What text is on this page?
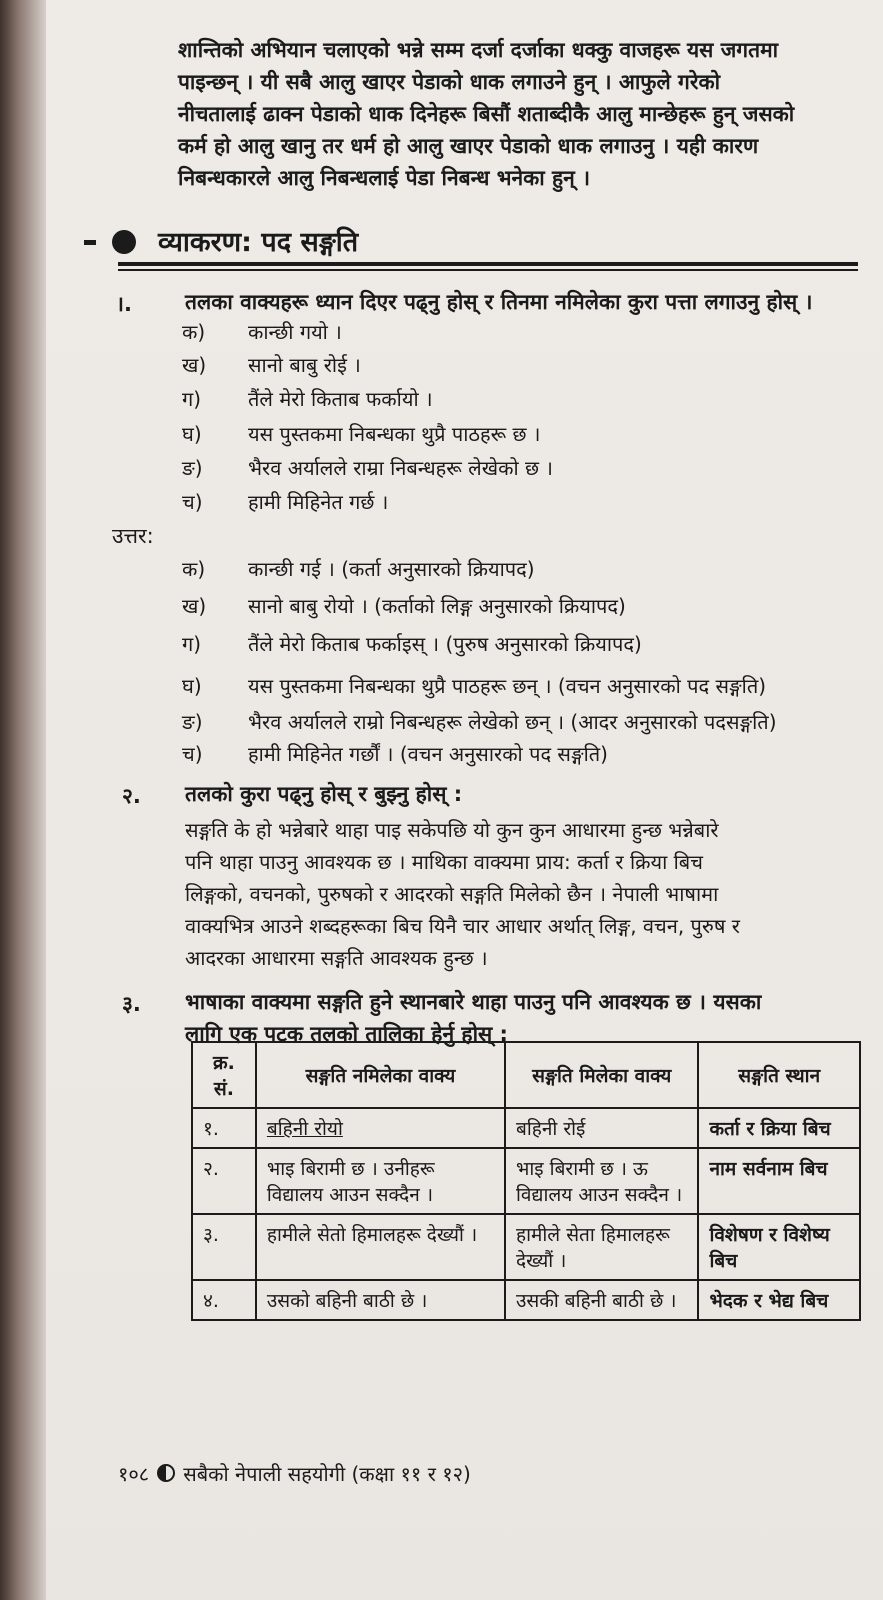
शान्तिको अभियान चलाएको भन्ने सम्म दर्जा दर्जाका धक्कु वाजहरू यस जगतमा
पाइन्छन् । यी सबै आलु खाएर पेडाको धाक लगाउने हुन् । आफुले गरेको
नीचतालाई ढाक्न पेडाको धाक दिनेहरू बिसौं शताब्दीकै आलु मान्छेहरू हुन् जसको
कर्म हो आलु खानु तर धर्म हो आलु खाएर पेडाको धाक लगाउनु । यही कारण
निबन्धकारले आलु निबन्धलाई पेडा निबन्ध भनेका हुन् ।
व्याकरण: पद सङ्गति
।.	तलका वाक्यहरू ध्यान दिएर पढ्नु होस् र तिनमा नमिलेका कुरा पत्ता लगाउनु होस् ।
क) कान्छी गयो ।
ख) सानो बाबु रोई ।
ग) तैंले मेरो किताब फर्कायो ।
घ) यस पुस्तकमा निबन्धका थुप्रै पाठहरू छ ।
ङ) भैरव अर्यालले राम्रा निबन्धहरू लेखेको छ ।
च) हामी मिहिनेत गर्छ ।
उत्तर:
क) कान्छी गई । (कर्ता अनुसारको क्रियापद)
ख) सानो बाबु रोयो । (कर्ताको लिङ्ग अनुसारको क्रियापद)
ग) तैंले मेरो किताब फर्काइस् । (पुरुष अनुसारको क्रियापद)
घ) यस पुस्तकमा निबन्धका थुप्रै पाठहरू छन् । (वचन अनुसारको पद सङ्गति)
ङ) भैरव अर्यालले राम्रो निबन्धहरू लेखेको छन् । (आदर अनुसारको पदसङ्गति)
च) हामी मिहिनेत गर्छौं । (वचन अनुसारको पद सङ्गति)
२. तलको कुरा पढ्नु होस् र बुझ्नु होस् :
सङ्गति के हो भन्नेबारे थाहा पाइ सकेपछि यो कुन कुन आधारमा हुन्छ भन्नेबारे
पनि थाहा पाउनु आवश्यक छ । माथिका वाक्यमा प्राय: कर्ता र क्रिया बिच
लिङ्गको, वचनको, पुरुषको र आदरको सङ्गति मिलेको छैन । नेपाली भाषामा
वाक्यभित्र आउने शब्दहरूका बिच यिनै चार आधार अर्थात् लिङ्ग, वचन, पुरुष र
आदरका आधारमा सङ्गति आवश्यक हुन्छ ।
३. भाषाका वाक्यमा सङ्गति हुने स्थानबारे थाहा पाउनु पनि आवश्यक छ । यसका
लागि एक पटक तलको तालिका हेर्नु होस् :
क्र. सं.	सङ्गति नमिलेका वाक्य	सङ्गति मिलेका वाक्य	सङ्गति स्थान
१.	बहिनी रोयो	बहिनी रोई	कर्ता र क्रिया बिच
२.	भाइ बिरामी छ । उनीहरू विद्यालय आउन सक्दैन ।	भाइ बिरामी छ । ऊ विद्यालय आउन सक्दैन ।	नाम सर्वनाम बिच
३.	हामीले सेतो हिमालहरू देख्यौं ।	हामीले सेता हिमालहरू देख्यौं ।	विशेषण र विशेष्य बिच
४.	उसको बहिनी बाठी छे ।	उसकी बहिनी बाठी छे ।	भेदक र भेद्य बिच
१०८ सबैको नेपाली सहयोगी (कक्षा ११ र १२)
